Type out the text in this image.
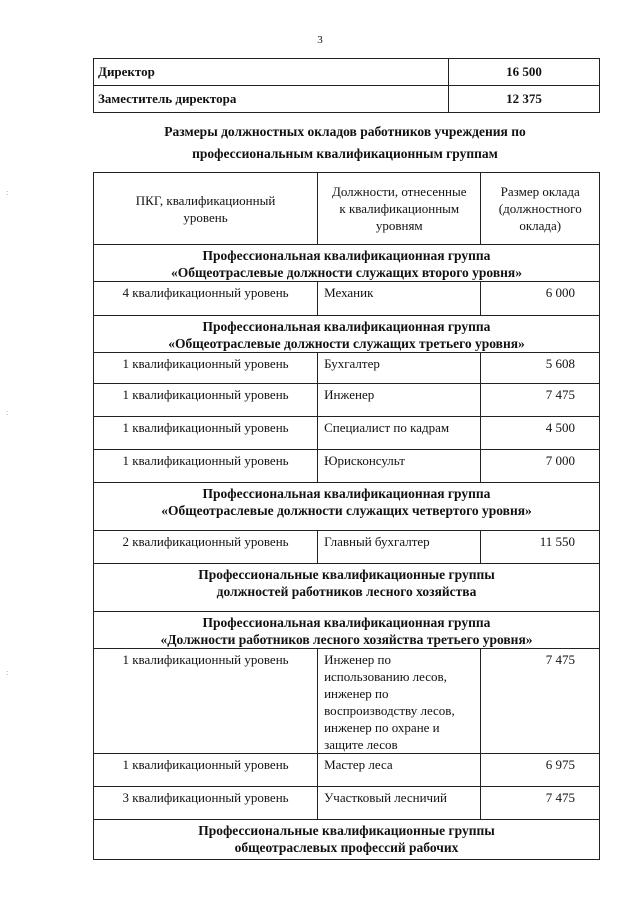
3
:
:
:
Директор	16 500
Заместитель директора	12 375
Размеры должностных окладов работников учреждения по
профессиональным квалификационным группам
ПКГ, квалификационный уровень	Должности, отнесенные к квалификационным уровням	Размер оклада (должностного оклада)

Профессиональная квалификационная группа
«Общеотраслевые должности служащих второго уровня»		

4 квалификационный уровень	Механик	6 000

Профессиональная квалификационная группа
«Общеотраслевые должности служащих третьего уровня»		

1 квалификационный уровень	Бухгалтер	5 608
1 квалификационный уровень	Инженер	7 475
1 квалификационный уровень	Специалист по кадрам	4 500
1 квалификационный уровень	Юрисконсульт	7 000

Профессиональная квалификационная группа
«Общеотраслевые должности служащих четвертого уровня»		

2 квалификационный уровень	Главный бухгалтер	11 550

Профессиональные квалификационные группы
должностей работников лесного хозяйства		

Профессиональная квалификационная группа
«Должности работников лесного хозяйства третьего уровня»		

1 квалификационный уровень	Инженер по использованию лесов, инженер по воспроизводству лесов, инженер по охране и защите лесов	7 475
1 квалификационный уровень	Мастер леса	6 975
3 квалификационный уровень	Участковый лесничий	7 475

Профессиональные квалификационные группы
общеотраслевых профессий рабочих		
